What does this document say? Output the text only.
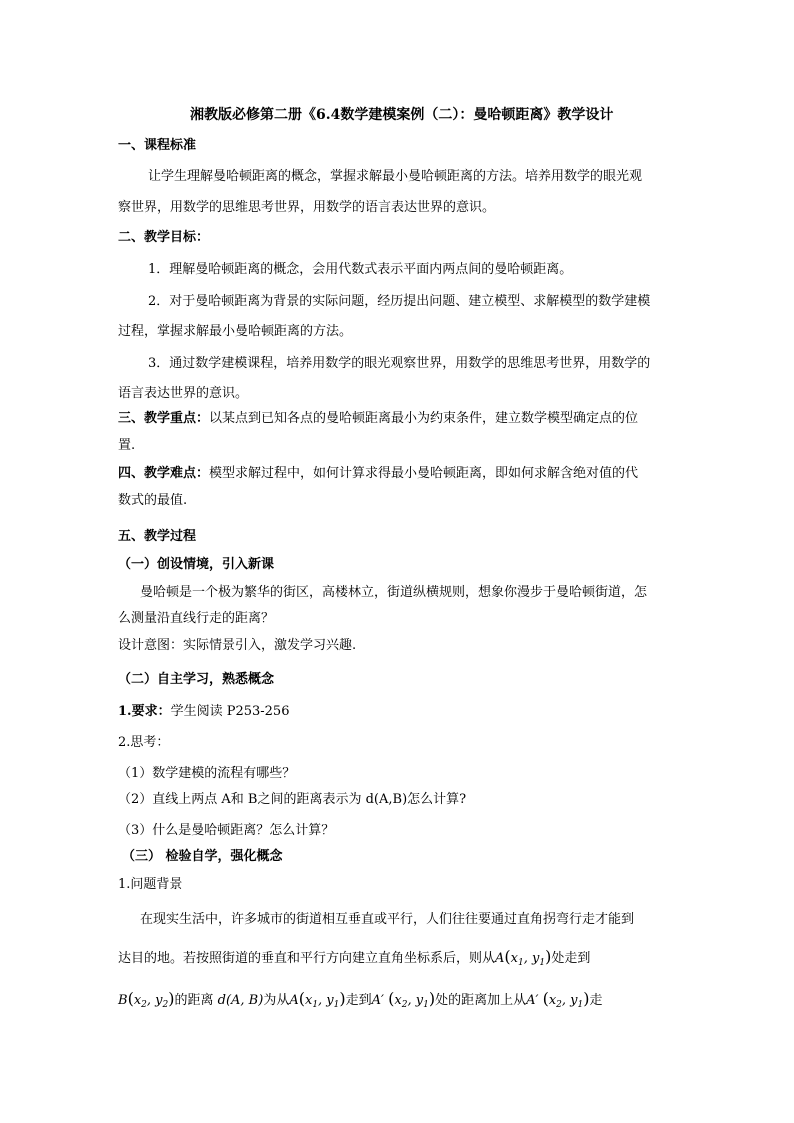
湘教版必修第二册《6.4数学建模案例（二）：曼哈顿距离》教学设计
一、课程标准
让学生理解曼哈顿距离的概念，掌握求解最小曼哈顿距离的方法。培养用数学的眼光观
察世界，用数学的思维思考世界，用数学的语言表达世界的意识。
二、教学目标：
1．理解曼哈顿距离的概念，会用代数式表示平面内两点间的曼哈顿距离。
2．对于曼哈顿距离为背景的实际问题，经历提出问题、建立模型、求解模型的数学建模
过程，掌握求解最小曼哈顿距离的方法。
3．通过数学建模课程，培养用数学的眼光观察世界，用数学的思维思考世界，用数学的
语言表达世界的意识。
三、教学重点：以某点到已知各点的曼哈顿距离最小为约束条件，建立数学模型确定点的位
置.
四、教学难点：模型求解过程中，如何计算求得最小曼哈顿距离，即如何求解含绝对值的代
数式的最值.
五、教学过程
（一）创设情境，引入新课
曼哈顿是一个极为繁华的街区，高楼林立，街道纵横规则，想象你漫步于曼哈顿街道，怎
么测量沿直线行走的距离？
设计意图：实际情景引入，激发学习兴趣.
（二）自主学习，熟悉概念
1.要求：学生阅读 P253-256
2.思考：
（1）数学建模的流程有哪些？
（2）直线上两点 A和 B之间的距离表示为 d(A,B)怎么计算?
（3）什么是曼哈顿距离？怎么计算？
（三） 检验自学，强化概念
1.问题背景
在现实生活中，许多城市的街道相互垂直或平行，人们往往要通过直角拐弯行走才能到
达目的地。若按照街道的垂直和平行方向建立直角坐标系后，则从$A(x_1$, $y_1$)处走到
$B(x_2$, $y_2$)的距离 d(A, B)为从$A(x_1$, $y_1$)走到A′ ($x_2$, $y_1$)处的距离加上从A′ ($x_2$, $y_1$)走
